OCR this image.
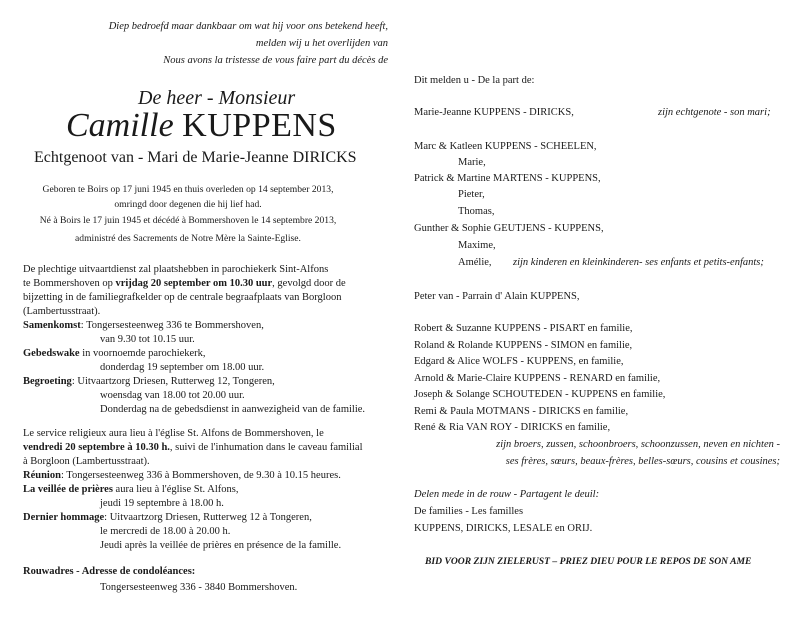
Diep bedroefd maar dankbaar om wat hij voor ons betekend heeft,
melden wij u het overlijden van
Nous avons la tristesse de vous faire part du décès de
De heer - Monsieur
Camille KUPPENS
Echtgenoot van - Mari de Marie-Jeanne DIRICKS
Geboren te Boirs op 17 juni 1945 en thuis overleden op 14 september 2013,
omringd door degenen die hij lief had.
Né à Boirs le 17 juin 1945 et décédé à Bommershoven le 14 septembre 2013,
administré des Sacrements de Notre Mère la Sainte-Eglise.
De plechtige uitvaartdienst zal plaatshebben in parochiekerk Sint-Alfons
te Bommershoven op vrijdag 20 september om 10.30 uur, gevolgd door de
bijzetting in de familiegrafkelder op de centrale begraafplaats van Borgloon
(Lambertusstraat).
Samenkomst: Tongersesteenweg 336 te Bommershoven,
van 9.30 tot 10.15 uur.
Gebedswake in voornoemde parochiekerk,
donderdag 19 september om 18.00 uur.
Begroeting: Uitvaartzorg Driesen, Rutterweg 12, Tongeren,
woensdag van 18.00 tot 20.00 uur.
Donderdag na de gebedsdienst in aanwezigheid van de familie.
Le service religieux aura lieu à l'église St. Alfons de Bommershoven, le
vendredi 20 septembre à 10.30 h., suivi de l'inhumation dans le caveau familial
à Borgloon (Lambertusstraat).
Réunion: Tongersesteenweg 336 à Bommershoven, de 9.30 à 10.15 heures.
La veillée de prières aura lieu à l'église St. Alfons,
jeudi 19 septembre à 18.00 h.
Dernier hommage: Uitvaartzorg Driesen, Rutterweg 12 à Tongeren,
le mercredi de 18.00 à 20.00 h.
Jeudi après la veillée de prières en présence de la famille.
Rouwadres - Adresse de condoléances:
Tongersesteenweg 336 - 3840 Bommershoven.
Dit melden u - De la part de:
Marie-Jeanne KUPPENS - DIRICKS,	zijn echtgenote - son mari;
Marc & Katleen KUPPENS - SCHEELEN,
Marie,
Patrick & Martine MARTENS - KUPPENS,
Pieter,
Thomas,
Gunther & Sophie GEUTJENS - KUPPENS,
Maxime,
Amélie, zijn kinderen en kleinkinderen- ses enfants et petits-enfants;
Peter van - Parrain d' Alain KUPPENS,
Robert & Suzanne KUPPENS - PISART en familie,
Roland & Rolande KUPPENS - SIMON en familie,
Edgard & Alice WOLFS - KUPPENS, en familie,
Arnold & Marie-Claire KUPPENS - RENARD en familie,
Joseph & Solange SCHOUTEDEN - KUPPENS en familie,
Remi & Paula MOTMANS - DIRICKS en familie,
René & Ria VAN ROY - DIRICKS en familie,
zijn broers, zussen, schoonbroers, schoonzussen, neven en nichten -
ses frères, sœurs, beaux-frères, belles-sœurs, cousins et cousines;
Delen mede in de rouw - Partagent le deuil:
De families - Les familles
KUPPENS, DIRICKS, LESALE en ORIJ.
BID VOOR ZIJN ZIELERUST – PRIEZ DIEU POUR LE REPOS DE SON AME
